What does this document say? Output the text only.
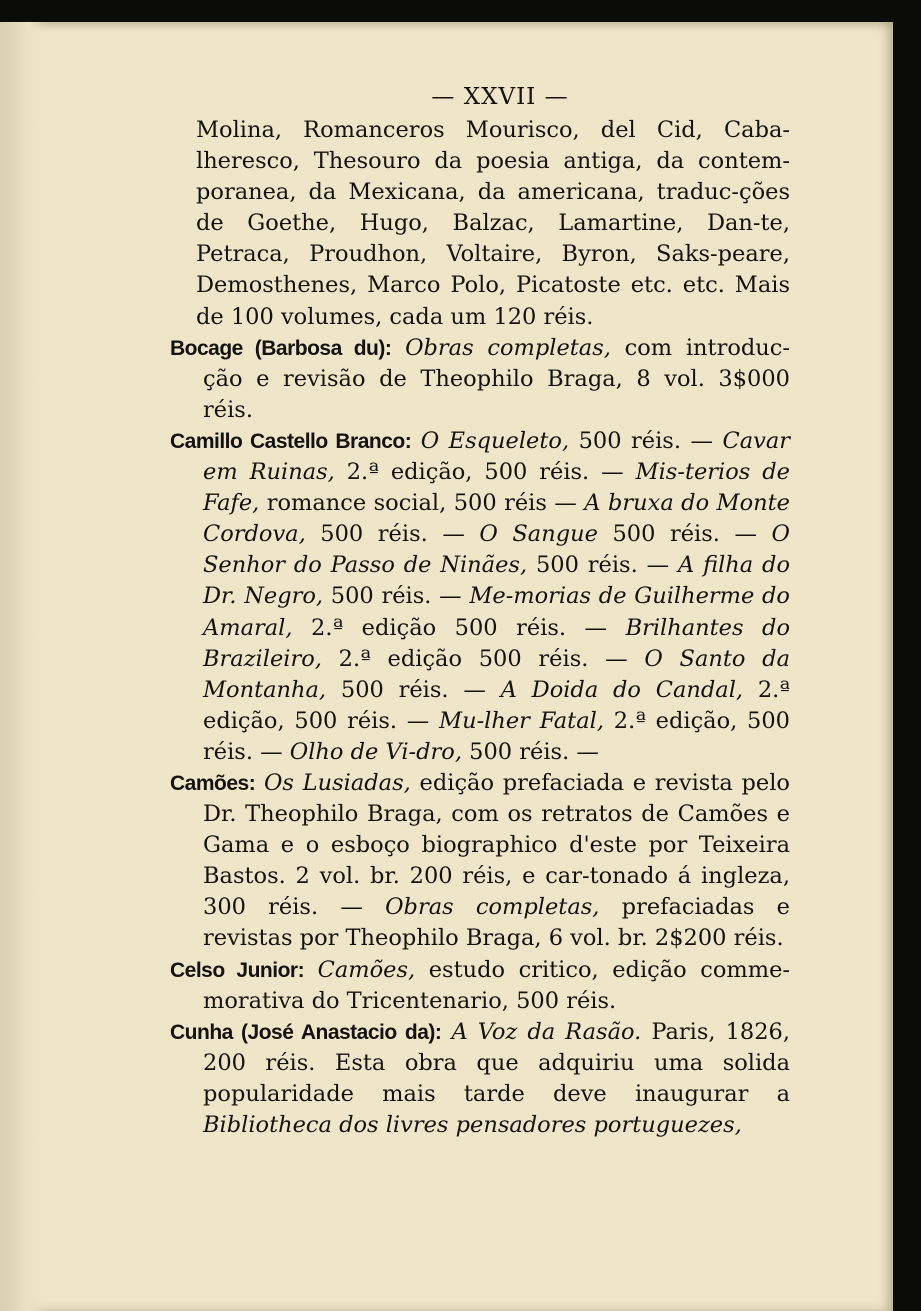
— XXVII —

Molina, Romanceros Mourisco, del Cid, Caba-lheresco, Thesouro da poesia antiga, da contem-poranea, da Mexicana, da americana, traduc-ções de Goethe, Hugo, Balzac, Lamartine, Dan-te, Petraca, Proudhon, Voltaire, Byron, Saks-peare, Demosthenes, Marco Polo, Picatoste etc. etc. Mais de 100 volumes, cada um 120 réis.

Bocage (Barbosa du): Obras completas, com introduc-ção e revisão de Theophilo Braga, 8 vol. 3$000 réis.

Camillo Castello Branco: O Esqueleto, 500 réis. — Cavar em Ruinas, 2.ª edição, 500 réis. — Mis-terios de Fafe, romance social, 500 réis — A bruxa do Monte Cordova, 500 réis. — O Sangue 500 réis. — O Senhor do Passo de Ninães, 500 réis. — A filha do Dr. Negro, 500 réis. — Me-morias de Guilherme do Amaral, 2.ª edição 500 réis. — Brilhantes do Brazileiro, 2.ª edição 500 réis. — O Santo da Montanha, 500 réis. — A Doida do Candal, 2.ª edição, 500 réis. — Mu-lher Fatal, 2.ª edição, 500 réis. — Olho de Vi-dro, 500 réis. —

Camões: Os Lusiadas, edição prefaciada e revista pelo Dr. Theophilo Braga, com os retratos de Camões e Gama e o esboço biographico d'este por Teixeira Bastos. 2 vol. br. 200 réis, e car-tonado á ingleza, 300 réis. — Obras completas, prefaciadas e revistas por Theophilo Braga, 6 vol. br. 2$200 réis.

Celso Junior: Camões, estudo critico, edição comme-morativa do Tricentenario, 500 réis.

Cunha (José Anastacio da): A Voz da Rasão. Paris, 1826, 200 réis. Esta obra que adquiriu uma solida popularidade mais tarde deve inaugurar a Bibliotheca dos livres pensadores portuguezes,
